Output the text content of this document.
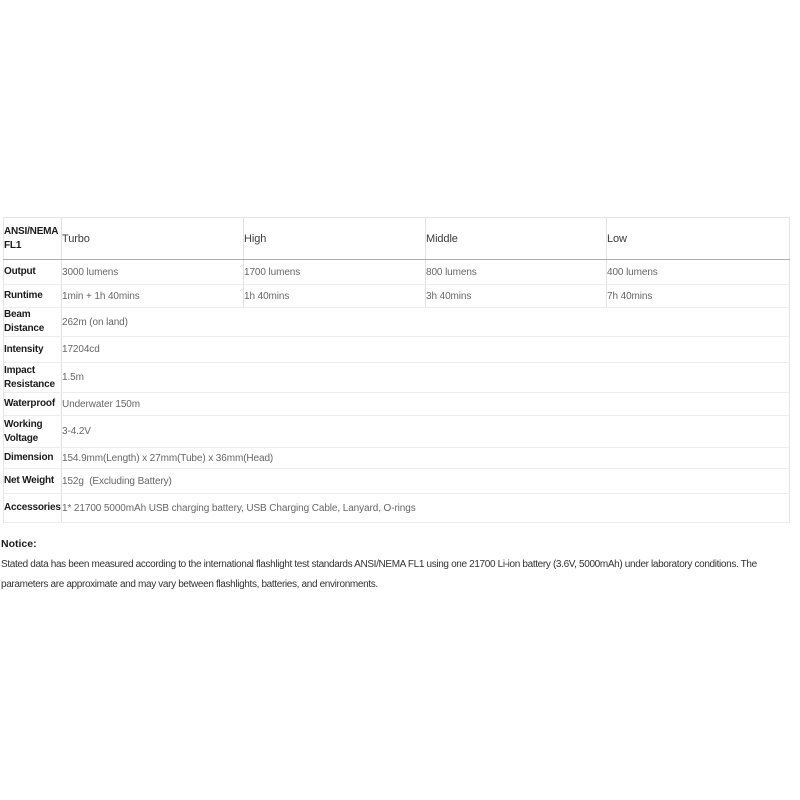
ANSI/NEMA FL1	Turbo	High	Middle	Low
Output	3000 lumens	1700 lumens	800 lumens	400 lumens
Runtime	1min + 1h 40mins	1h 40mins	3h 40mins	7h 40mins
Beam Distance	262m (on land)			
Intensity	17204cd			
Impact Resistance	1.5m			
Waterproof	Underwater 150m			
Working Voltage	3-4.2V			
Dimension	154.9mm(Length) x 27mm(Tube) x 36mm(Head)			
Net Weight	152g  (Excluding Battery)			
Accessories	1* 21700 5000mAh USB charging battery, USB Charging Cable, Lanyard, O-rings			
Notice:
Stated data has been measured according to the international flashlight test standards ANSI/NEMA FL1 using one 21700 Li-ion battery (3.6V, 5000mAh) under laboratory conditions. The parameters are approximate and may vary between flashlights, batteries, and environments.
